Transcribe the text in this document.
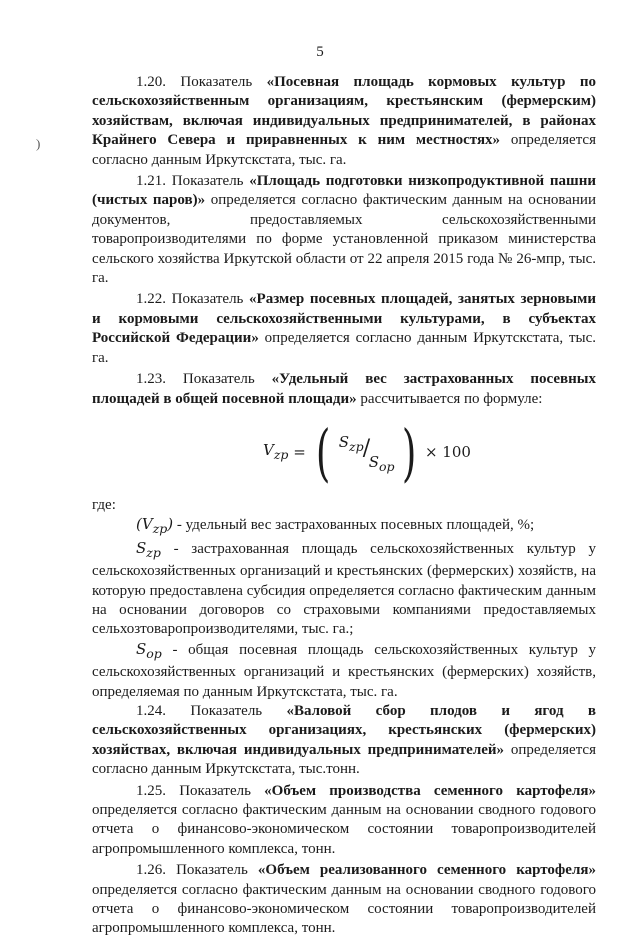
5
)

1.20. Показатель «Посевная площадь кормовых культур по сельскохозяйственным организациям, крестьянским (фермерским) хозяйствам, включая индивидуальных предпринимателей, в районах Крайнего Севера и приравненных к ним местностях» определяется согласно данным Иркутскстата, тыс. га.

1.21. Показатель «Площадь подготовки низкопродуктивной пашни (чистых паров)» определяется согласно фактическим данным на основании документов, предоставляемых сельскохозяйственными товаропроизводителями по форме установленной приказом министерства сельского хозяйства Иркутской области от 22 апреля 2015 года № 26-мпр, тыс. га.

1.22. Показатель «Размер посевных площадей, занятых зерновыми и кормовыми сельскохозяйственными культурами, в субъектах Российской Федерации» определяется согласно данным Иркутскстата, тыс. га.

1.23. Показатель «Удельный вес застрахованных посевных площадей в общей посевной площади» рассчитывается по формуле:

$V_{zp}$ = ( $S_{zp}$ /
$S_{op}$ ) × 100

где:

$(V_{zp})$ - удельный вес застрахованных посевных площадей, %;

$S_{zp}$ - застрахованная площадь сельскохозяйственных культур у сельскохозяйственных организаций и крестьянских (фермерских) хозяйств, на которую предоставлена субсидия определяется согласно фактическим данным на основании договоров со страховыми компаниями предоставляемых сельхозтоваропроизводителями, тыс. га.;

$S_{op}$ - общая посевная площадь сельскохозяйственных культур у сельскохозяйственных организаций и крестьянских (фермерских) хозяйств, определяемая по данным Иркутскстата, тыс. га.

1.24. Показатель «Валовой сбор плодов и ягод в сельскохозяйственных организациях, крестьянских (фермерских) хозяйствах, включая индивидуальных предпринимателей» определяется согласно данным Иркутскстата, тыс.тонн.

1.25. Показатель «Объем производства семенного картофеля» определяется согласно фактическим данным на основании сводного годового отчета о финансово-экономическом состоянии товаропроизводителей агропромышленного комплекса, тонн.

1.26. Показатель «Объем реализованного семенного картофеля» определяется согласно фактическим данным на основании сводного годового отчета о финансово-экономическом состоянии товаропроизводителей агропромышленного комплекса, тонн.
